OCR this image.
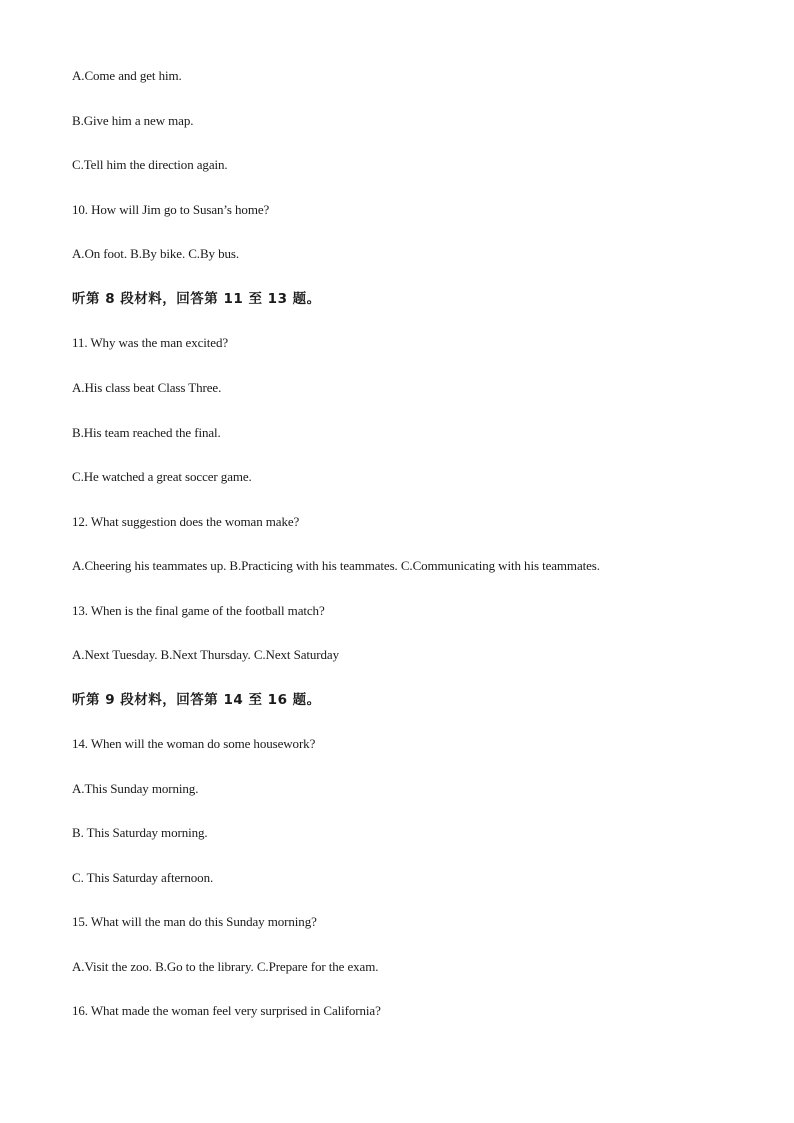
A.Come and get him.
B.Give him a new map.
C.Tell him the direction again.
10. How will Jim go to Susan’s home?
A.On foot. B.By bike. C.By bus.
听第 8 段材料，回答第 11 至 13 题。
11. Why was the man excited?
A.His class beat Class Three.
B.His team reached the final.
C.He watched a great soccer game.
12. What suggestion does the woman make?
A.Cheering his teammates up. B.Practicing with his teammates. C.Communicating with his teammates.
13. When is the final game of the football match?
A.Next Tuesday. B.Next Thursday. C.Next Saturday
听第 9 段材料，回答第 14 至 16 题。
14. When will the woman do some housework?
A.This Sunday morning.
B. This Saturday morning.
C. This Saturday afternoon.
15. What will the man do this Sunday morning?
A.Visit the zoo. B.Go to the library. C.Prepare for the exam.
16. What made the woman feel very surprised in California?
